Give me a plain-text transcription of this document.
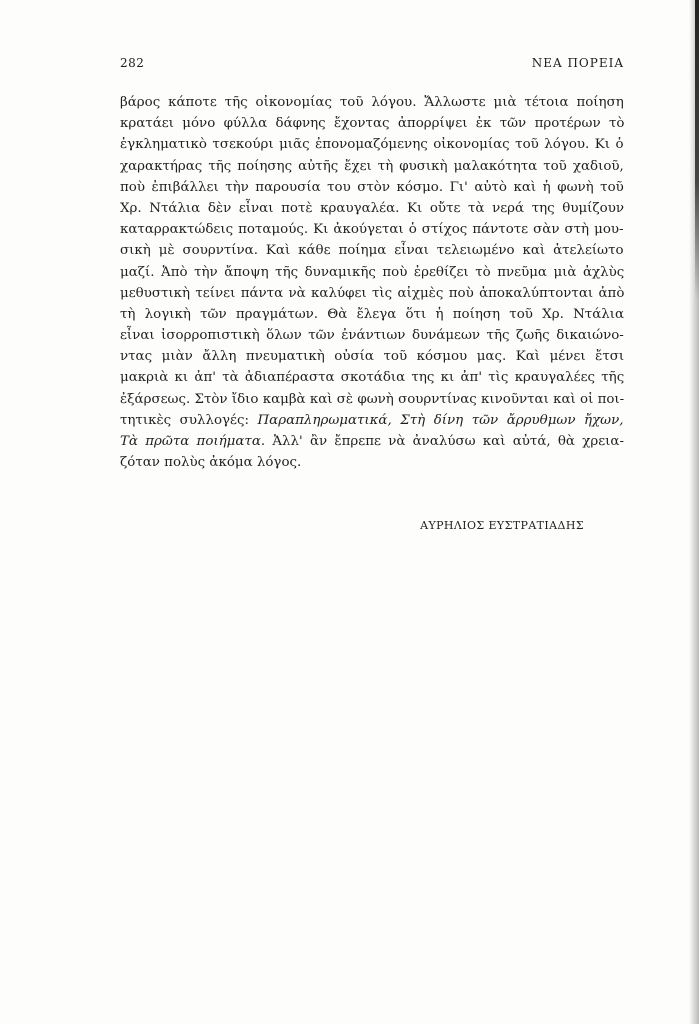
282	ΝΕΑ ΠΟΡΕΙΑ
βάρος κάποτε τῆς οἰκονομίας τοῦ λόγου. Ἄλλωστε μιὰ τέτοια ποίηση
κρατάει μόνο φύλλα δάφνης ἔχοντας ἀπορρίψει ἐκ τῶν προτέρων τὸ
ἐγκληματικὸ τσεκούρι μιᾶς ἐπονομαζόμενης οἰκονομίας τοῦ λόγου. Κι ὁ
χαρακτήρας τῆς ποίησης αὐτῆς ἔχει τὴ φυσικὴ μαλακότητα τοῦ χαδιοῦ,
ποὺ ἐπιβάλλει τὴν παρουσία του στὸν κόσμο. Γι' αὐτὸ καὶ ἡ φωνὴ τοῦ
Χρ. Ντάλια δὲν εἶναι ποτὲ κραυγαλέα. Κι οὔτε τὰ νερά της θυμίζουν
καταρρακτώδεις ποταμούς. Κι ἀκούγεται ὁ στίχος πάντοτε σὰν στὴ μου-
σικὴ μὲ σουρντίνα. Καὶ κάθε ποίημα εἶναι τελειωμένο καὶ ἀτελείωτο
μαζί. Ἀπὸ τὴν ἄποψη τῆς δυναμικῆς ποὺ ἐρεθίζει τὸ πνεῦμα μιὰ ἀχλὺς
μεθυστικὴ τείνει πάντα νὰ καλύφει τὶς αἰχμὲς ποὺ ἀποκαλύπτονται ἀπὸ
τὴ λογικὴ τῶν πραγμάτων. Θὰ ἔλεγα ὅτι ἡ ποίηση τοῦ Χρ. Ντάλια
εἶναι ἰσορροπιστικὴ ὅλων τῶν ἐνάντιων δυνάμεων τῆς ζωῆς δικαιώνο-
ντας μιὰν ἄλλη πνευματικὴ οὐσία τοῦ κόσμου μας. Καὶ μένει ἔτσι
μακριὰ κι ἀπ' τὰ ἀδιαπέραστα σκοτάδια της κι ἀπ' τὶς κραυγαλέες τῆς
ἐξάρσεως. Στὸν ἴδιο καμβὰ καὶ σὲ φωνὴ σουρντίνας κινοῦνται καὶ οἱ ποι-
τητικὲς συλλογές: Παραπληρωματικά, Στὴ δίνη τῶν ἄρρυθμων ἤχων,
Τὰ πρῶτα ποιήματα. Ἀλλ' ἂν ἔπρεπε νὰ ἀναλύσω καὶ αὐτά, θὰ χρεια-
ζόταν πολὺς ἀκόμα λόγος.
ΑΥΡΗΛΙΟΣ ΕΥΣΤΡΑΤΙΑΔΗΣ
